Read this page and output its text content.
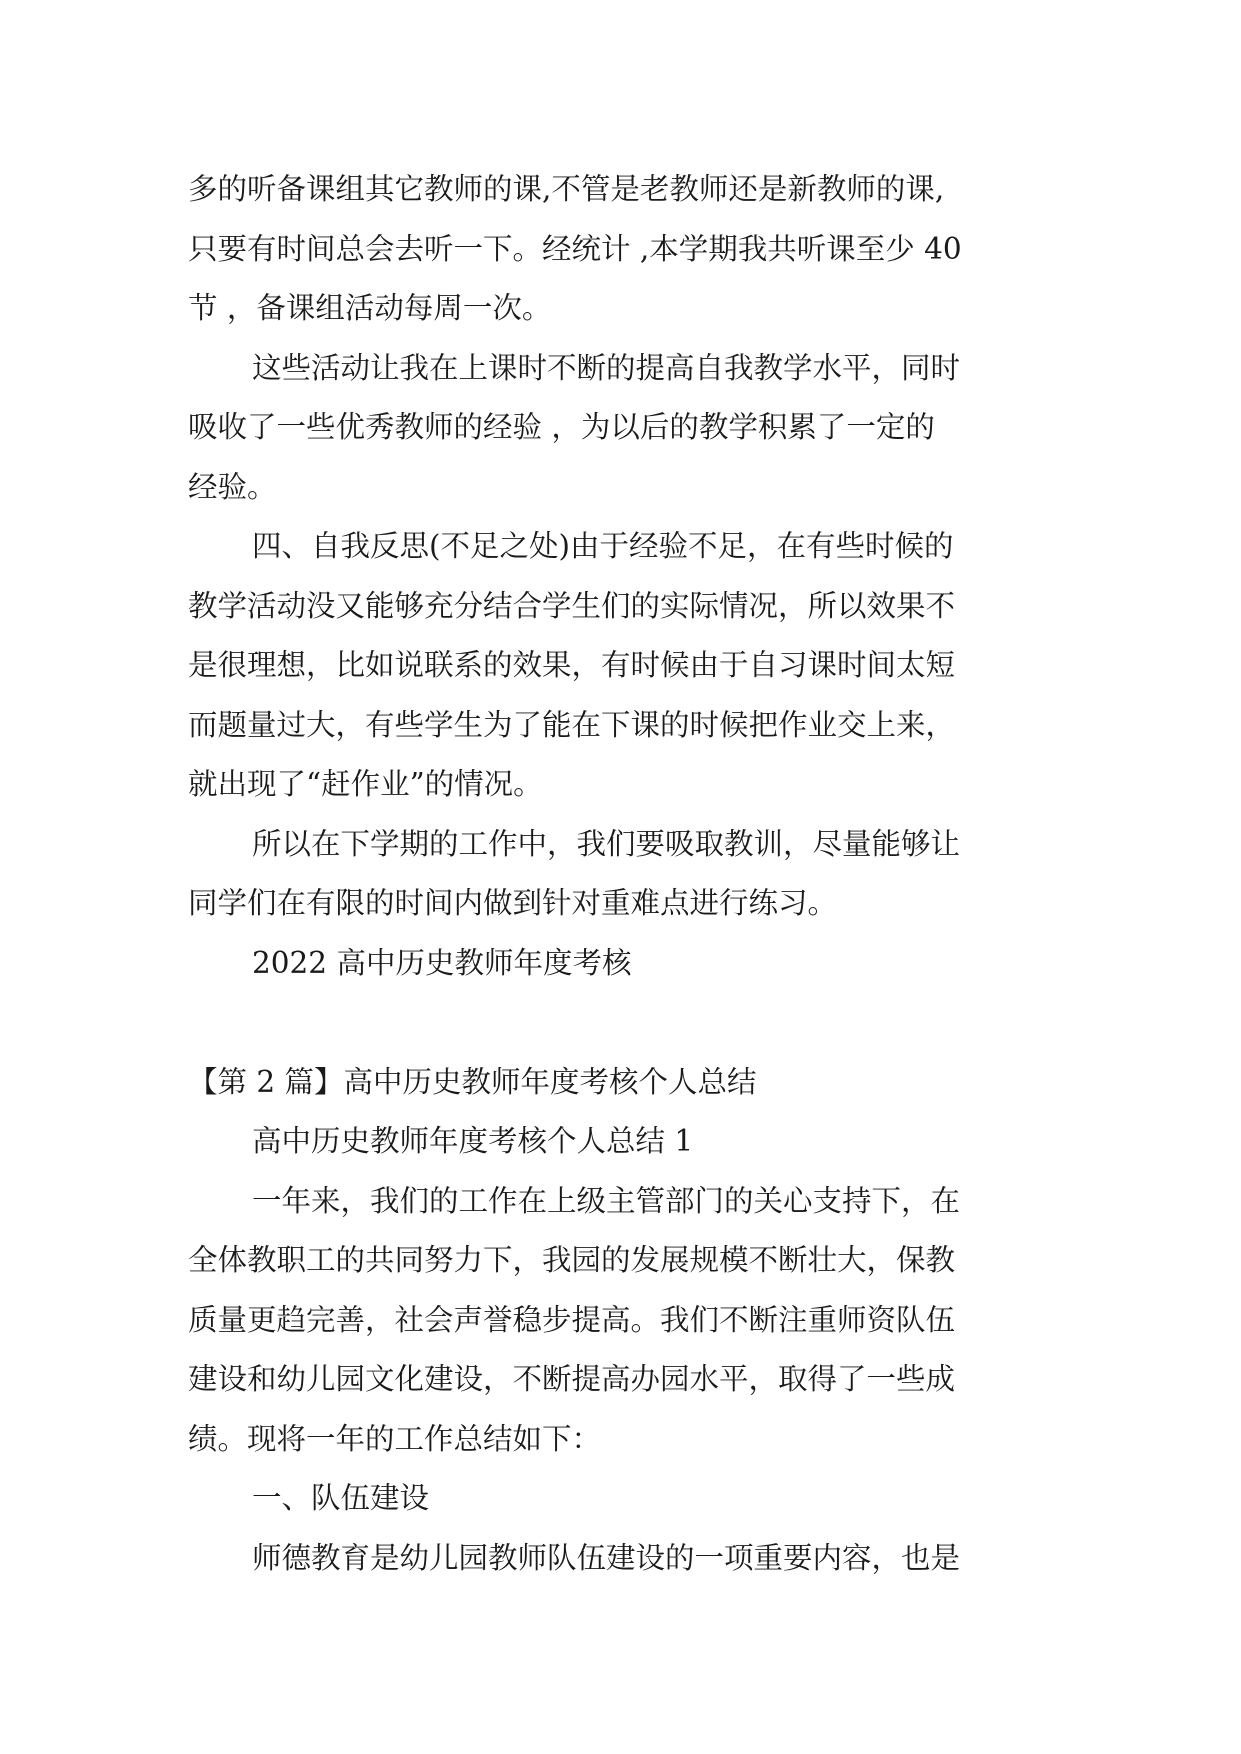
多的听备课组其它教师的课,不管是老教师还是新教师的课,
只要有时间总会去听一下。经统计 ,本学期我共听课至少 40
节 ，备课组活动每周一次。
这些活动让我在上课时不断的提高自我教学水平，同时
吸收了一些优秀教师的经验 ，为以后的教学积累了一定的
经验。
四、自我反思(不足之处)由于经验不足，在有些时候的
教学活动没又能够充分结合学生们的实际情况，所以效果不
是很理想，比如说联系的效果，有时候由于自习课时间太短
而题量过大，有些学生为了能在下课的时候把作业交上来，
就出现了“赶作业”的情况。
所以在下学期的工作中，我们要吸取教训，尽量能够让
同学们在有限的时间内做到针对重难点进行练习。
2022 高中历史教师年度考核
【第 2 篇】高中历史教师年度考核个人总结
高中历史教师年度考核个人总结 1
一年来，我们的工作在上级主管部门的关心支持下，在
全体教职工的共同努力下，我园的发展规模不断壮大，保教
质量更趋完善，社会声誉稳步提高。我们不断注重师资队伍
建设和幼儿园文化建设，不断提高办园水平，取得了一些成
绩。现将一年的工作总结如下：
一、队伍建设
师德教育是幼儿园教师队伍建设的一项重要内容，也是
